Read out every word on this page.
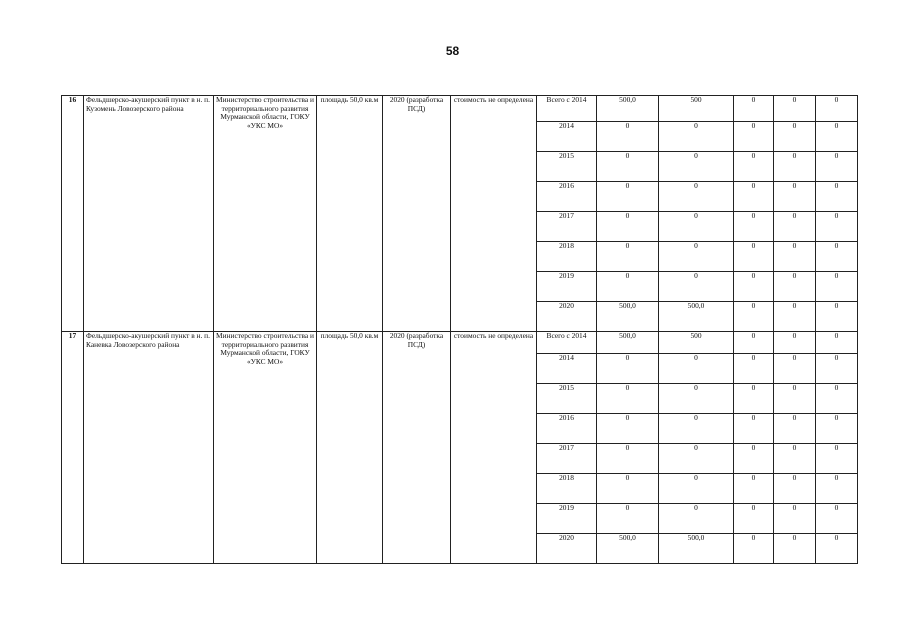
58
16	Фельдшерско-акушерский пункт в н. п. Кузомень Ловозерского района	Министерство строительства и территориального развития Мурманской области, ГОКУ «УКС МО»	площадь 50,0 кв.м	2020 (разработка ПСД)	стоимость не определена	Всего с 2014	500,0	500	0	0	0
						2014	0	0	0	0	0
						2015	0	0	0	0	0
						2016	0	0	0	0	0
						2017	0	0	0	0	0
						2018	0	0	0	0	0
						2019	0	0	0	0	0
						2020	500,0	500,0	0	0	0
17	Фельдшерско-акушерский пункт в н. п. Каневка Ловозерского района	Министерство строительства и территориального развития Мурманской области, ГОКУ «УКС МО»	площадь 50,0 кв.м	2020 (разработка ПСД)	стоимость не определена	Всего с 2014	500,0	500	0	0	0
						2014	0	0	0	0	0
						2015	0	0	0	0	0
						2016	0	0	0	0	0
						2017	0	0	0	0	0
						2018	0	0	0	0	0
						2019	0	0	0	0	0
						2020	500,0	500,0	0	0	0
